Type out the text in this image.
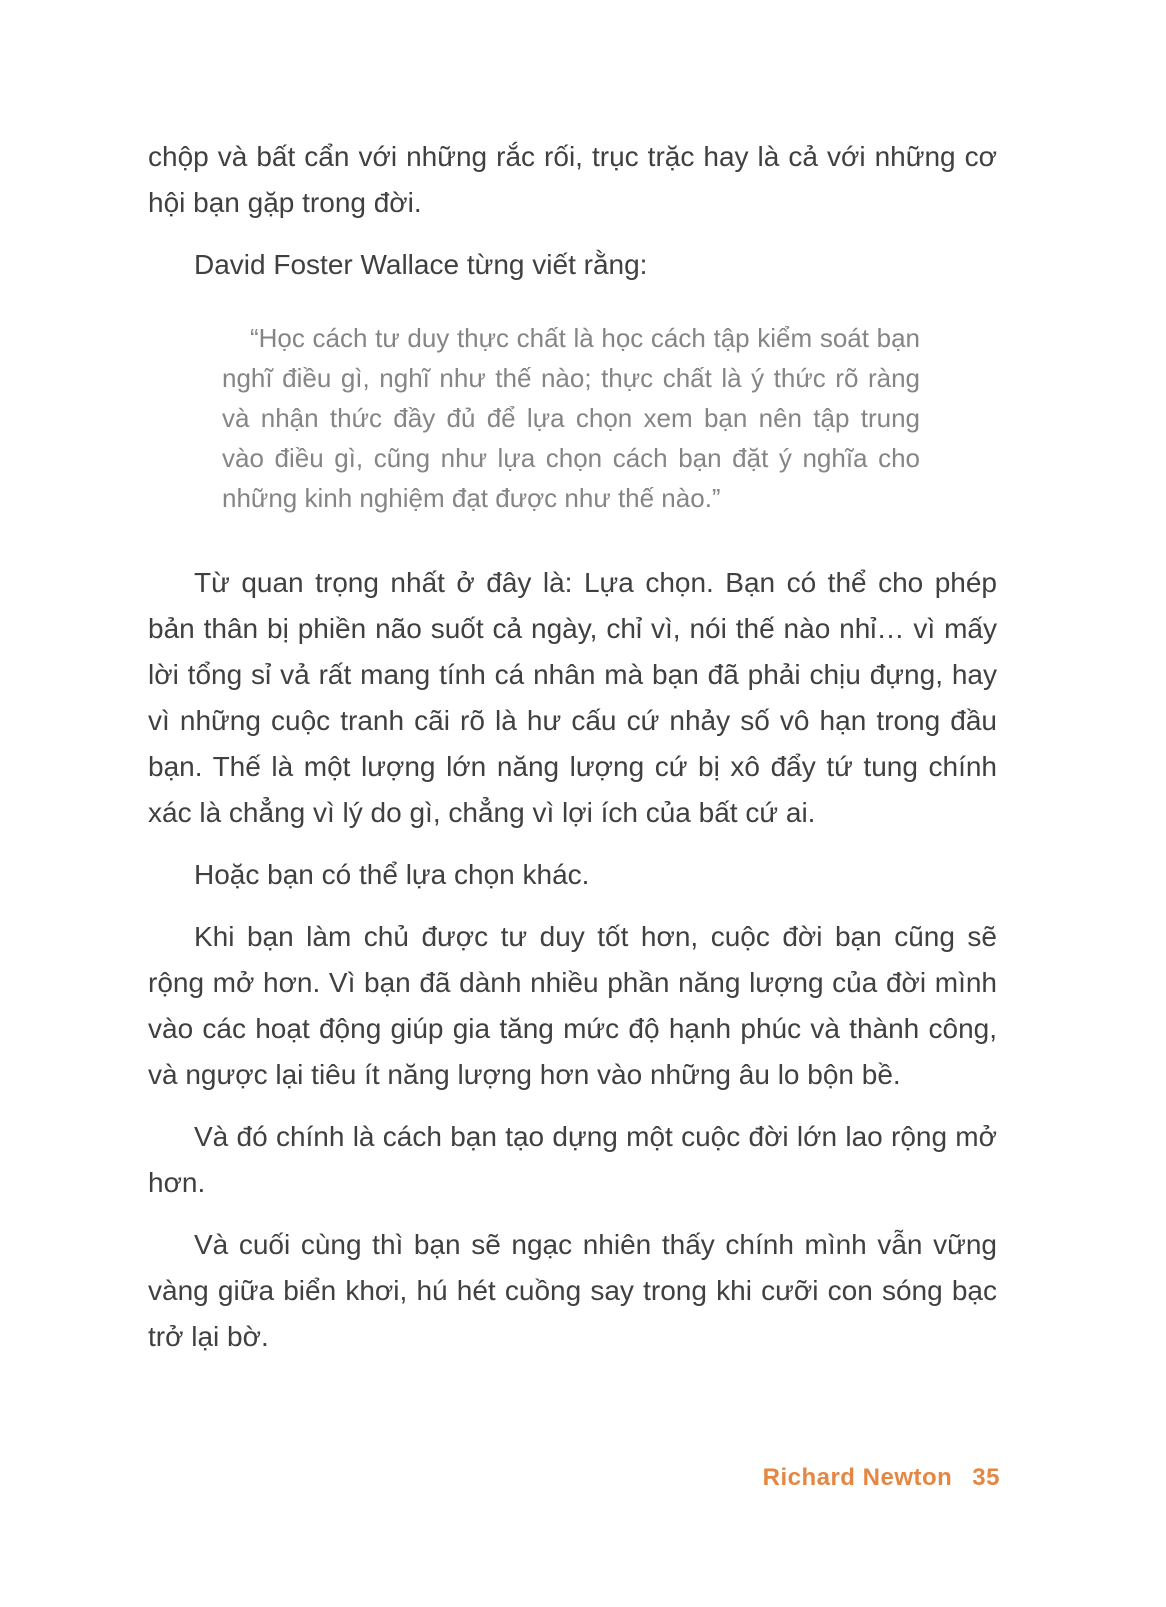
chộp và bất cẩn với những rắc rối, trục trặc hay là cả với những cơ hội bạn gặp trong đời.

David Foster Wallace từng viết rằng:

“Học cách tư duy thực chất là học cách tập kiểm soát bạn nghĩ điều gì, nghĩ như thế nào; thực chất là ý thức rõ ràng và nhận thức đầy đủ để lựa chọn xem bạn nên tập trung vào điều gì, cũng như lựa chọn cách bạn đặt ý nghĩa cho những kinh nghiệm đạt được như thế nào.”

Từ quan trọng nhất ở đây là: Lựa chọn. Bạn có thể cho phép bản thân bị phiền não suốt cả ngày, chỉ vì, nói thế nào nhỉ… vì mấy lời tổng sỉ vả rất mang tính cá nhân mà bạn đã phải chịu đựng, hay vì những cuộc tranh cãi rõ là hư cấu cứ nhảy số vô hạn trong đầu bạn. Thế là một lượng lớn năng lượng cứ bị xô đẩy tứ tung chính xác là chẳng vì lý do gì, chẳng vì lợi ích của bất cứ ai.

Hoặc bạn có thể lựa chọn khác.

Khi bạn làm chủ được tư duy tốt hơn, cuộc đời bạn cũng sẽ rộng mở hơn. Vì bạn đã dành nhiều phần năng lượng của đời mình vào các hoạt động giúp gia tăng mức độ hạnh phúc và thành công, và ngược lại tiêu ít năng lượng hơn vào những âu lo bộn bề.

Và đó chính là cách bạn tạo dựng một cuộc đời lớn lao rộng mở hơn.

Và cuối cùng thì bạn sẽ ngạc nhiên thấy chính mình vẫn vững vàng giữa biển khơi, hú hét cuồng say trong khi cưỡi con sóng bạc trở lại bờ.

Richard Newton 35
